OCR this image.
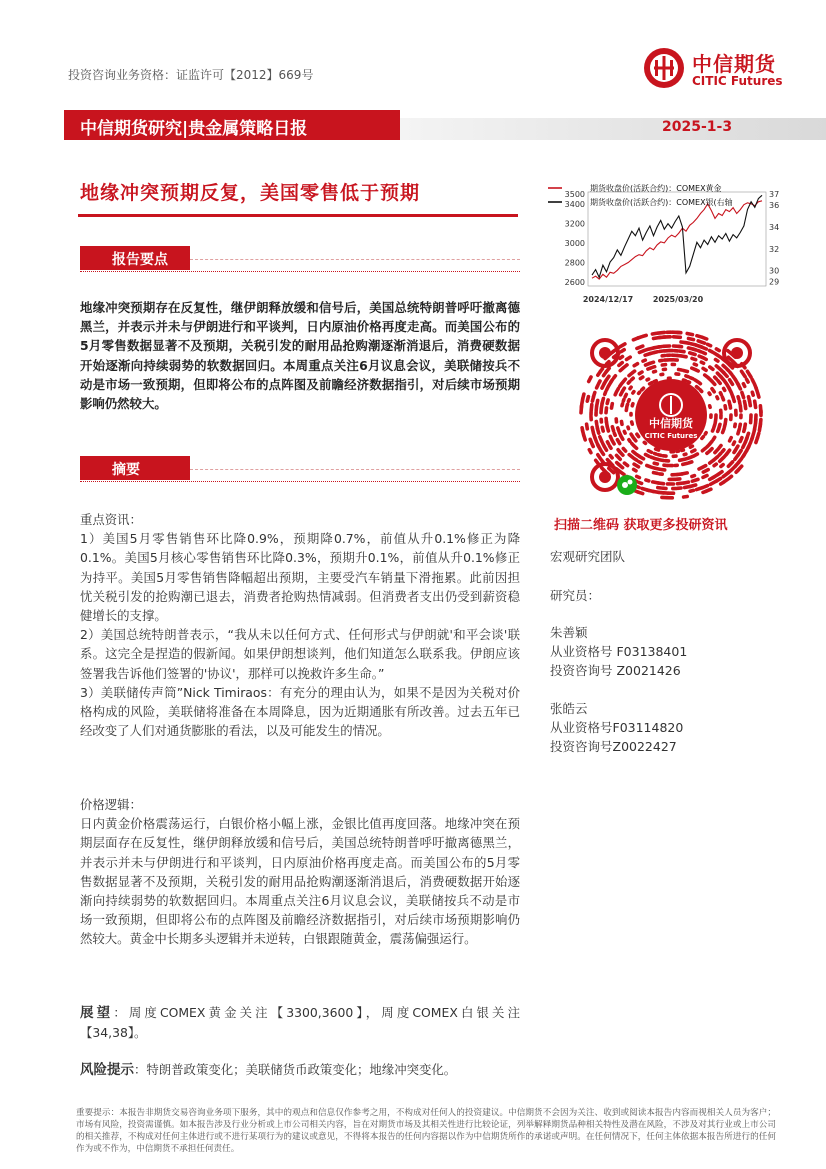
投资咨询业务资格：证监许可【2012】669号	中信期货
CITIC Futures
中信期货研究|贵金属策略日报	2025-1-3
地缘冲突预期反复，美国零售低于预期
报告要点
地缘冲突预期存在反复性，继伊朗释放缓和信号后，美国总统特朗普呼吁撤离德黑兰，并表示并未与伊朗进行和平谈判，日内原油价格再度走高。而美国公布的5月零售数据显著不及预期，关税引发的耐用品抢购潮逐渐消退后，消费硬数据开始逐渐向持续弱势的软数据回归。本周重点关注6月议息会议，美联储按兵不动是市场一致预期，但即将公布的点阵图及前瞻经济数据指引，对后续市场预期影响仍然较大。
摘要

重点资讯：

1）美国5月零售销售环比降0.9%，预期降0.7%，前值从升0.1%修正为降0.1%。美国5月核心零售销售环比降0.3%，预期升0.1%，前值从升0.1%修正为持平。美国5月零售销售降幅超出预期，主要受汽车销量下滑拖累。此前因担忧关税引发的抢购潮已退去，消费者抢购热情减弱。但消费者支出仍受到薪资稳健增长的支撑。

2）美国总统特朗普表示，“我从未以任何方式、任何形式与伊朗就'和平会谈'联系。这完全是捏造的假新闻。如果伊朗想谈判，他们知道怎么联系我。伊朗应该签署我告诉他们签署的'协议'，那样可以挽救许多生命。”

3）美联储传声筒”Nick Timiraos：有充分的理由认为，如果不是因为关税对价格构成的风险，美联储将准备在本周降息，因为近期通胀有所改善。过去五年已经改变了人们对通货膨胀的看法，以及可能发生的情况。

价格逻辑：

日内黄金价格震荡运行，白银价格小幅上涨，金银比值再度回落。地缘冲突在预期层面存在反复性，继伊朗释放缓和信号后，美国总统特朗普呼吁撤离德黑兰，并表示并未与伊朗进行和平谈判，日内原油价格再度走高。而美国公布的5月零售数据显著不及预期，关税引发的耐用品抢购潮逐渐消退后，消费硬数据开始逐渐向持续弱势的软数据回归。本周重点关注6月议息会议，美联储按兵不动是市场一致预期，但即将公布的点阵图及前瞻经济数据指引，对后续市场预期影响仍然较大。黄金中长期多头逻辑并未逆转，白银跟随黄金，震荡偏强运行。

展望：周度COMEX黄金关注【3300,3600】，周度COMEX白银关注【34,38】。

风险提示：特朗普政策变化；美联储货币政策变化；地缘冲突变化。

2600
2800
3000
3200
3400
3500
29
30
32
34
36
37
2024/12/17 2025/03/20
期货收盘价(活跃合约)：COMEX黄金
期货收盘价(活跃合约)：COMEX银(右轴
中信期货
CITIC Futures
扫描二维码 获取更多投研资讯
宏观研究团队
研究员：
朱善颖
从业资格号 F03138401
投资咨询号 Z0021426
张皓云
从业资格号F03114820
投资咨询号Z0022427
重要提示：本报告非期货交易咨询业务项下服务，其中的观点和信息仅作参考之用，不构成对任何人的投资建议。中信期货不会因为关注、收到或阅读本报告内容而视相关人员为客户；市场有风险，投资需谨慎。如本报告涉及行业分析或上市公司相关内容，旨在对期货市场及其相关性进行比较论证，列举解释期货品种相关特性及潜在风险，不涉及对其行业或上市公司的相关推荐，不构成对任何主体进行或不进行某项行为的建议或意见，不得将本报告的任何内容据以作为中信期货所作的承诺或声明。在任何情况下，任何主体依据本报告所进行的任何作为或不作为，中信期货不承担任何责任。
